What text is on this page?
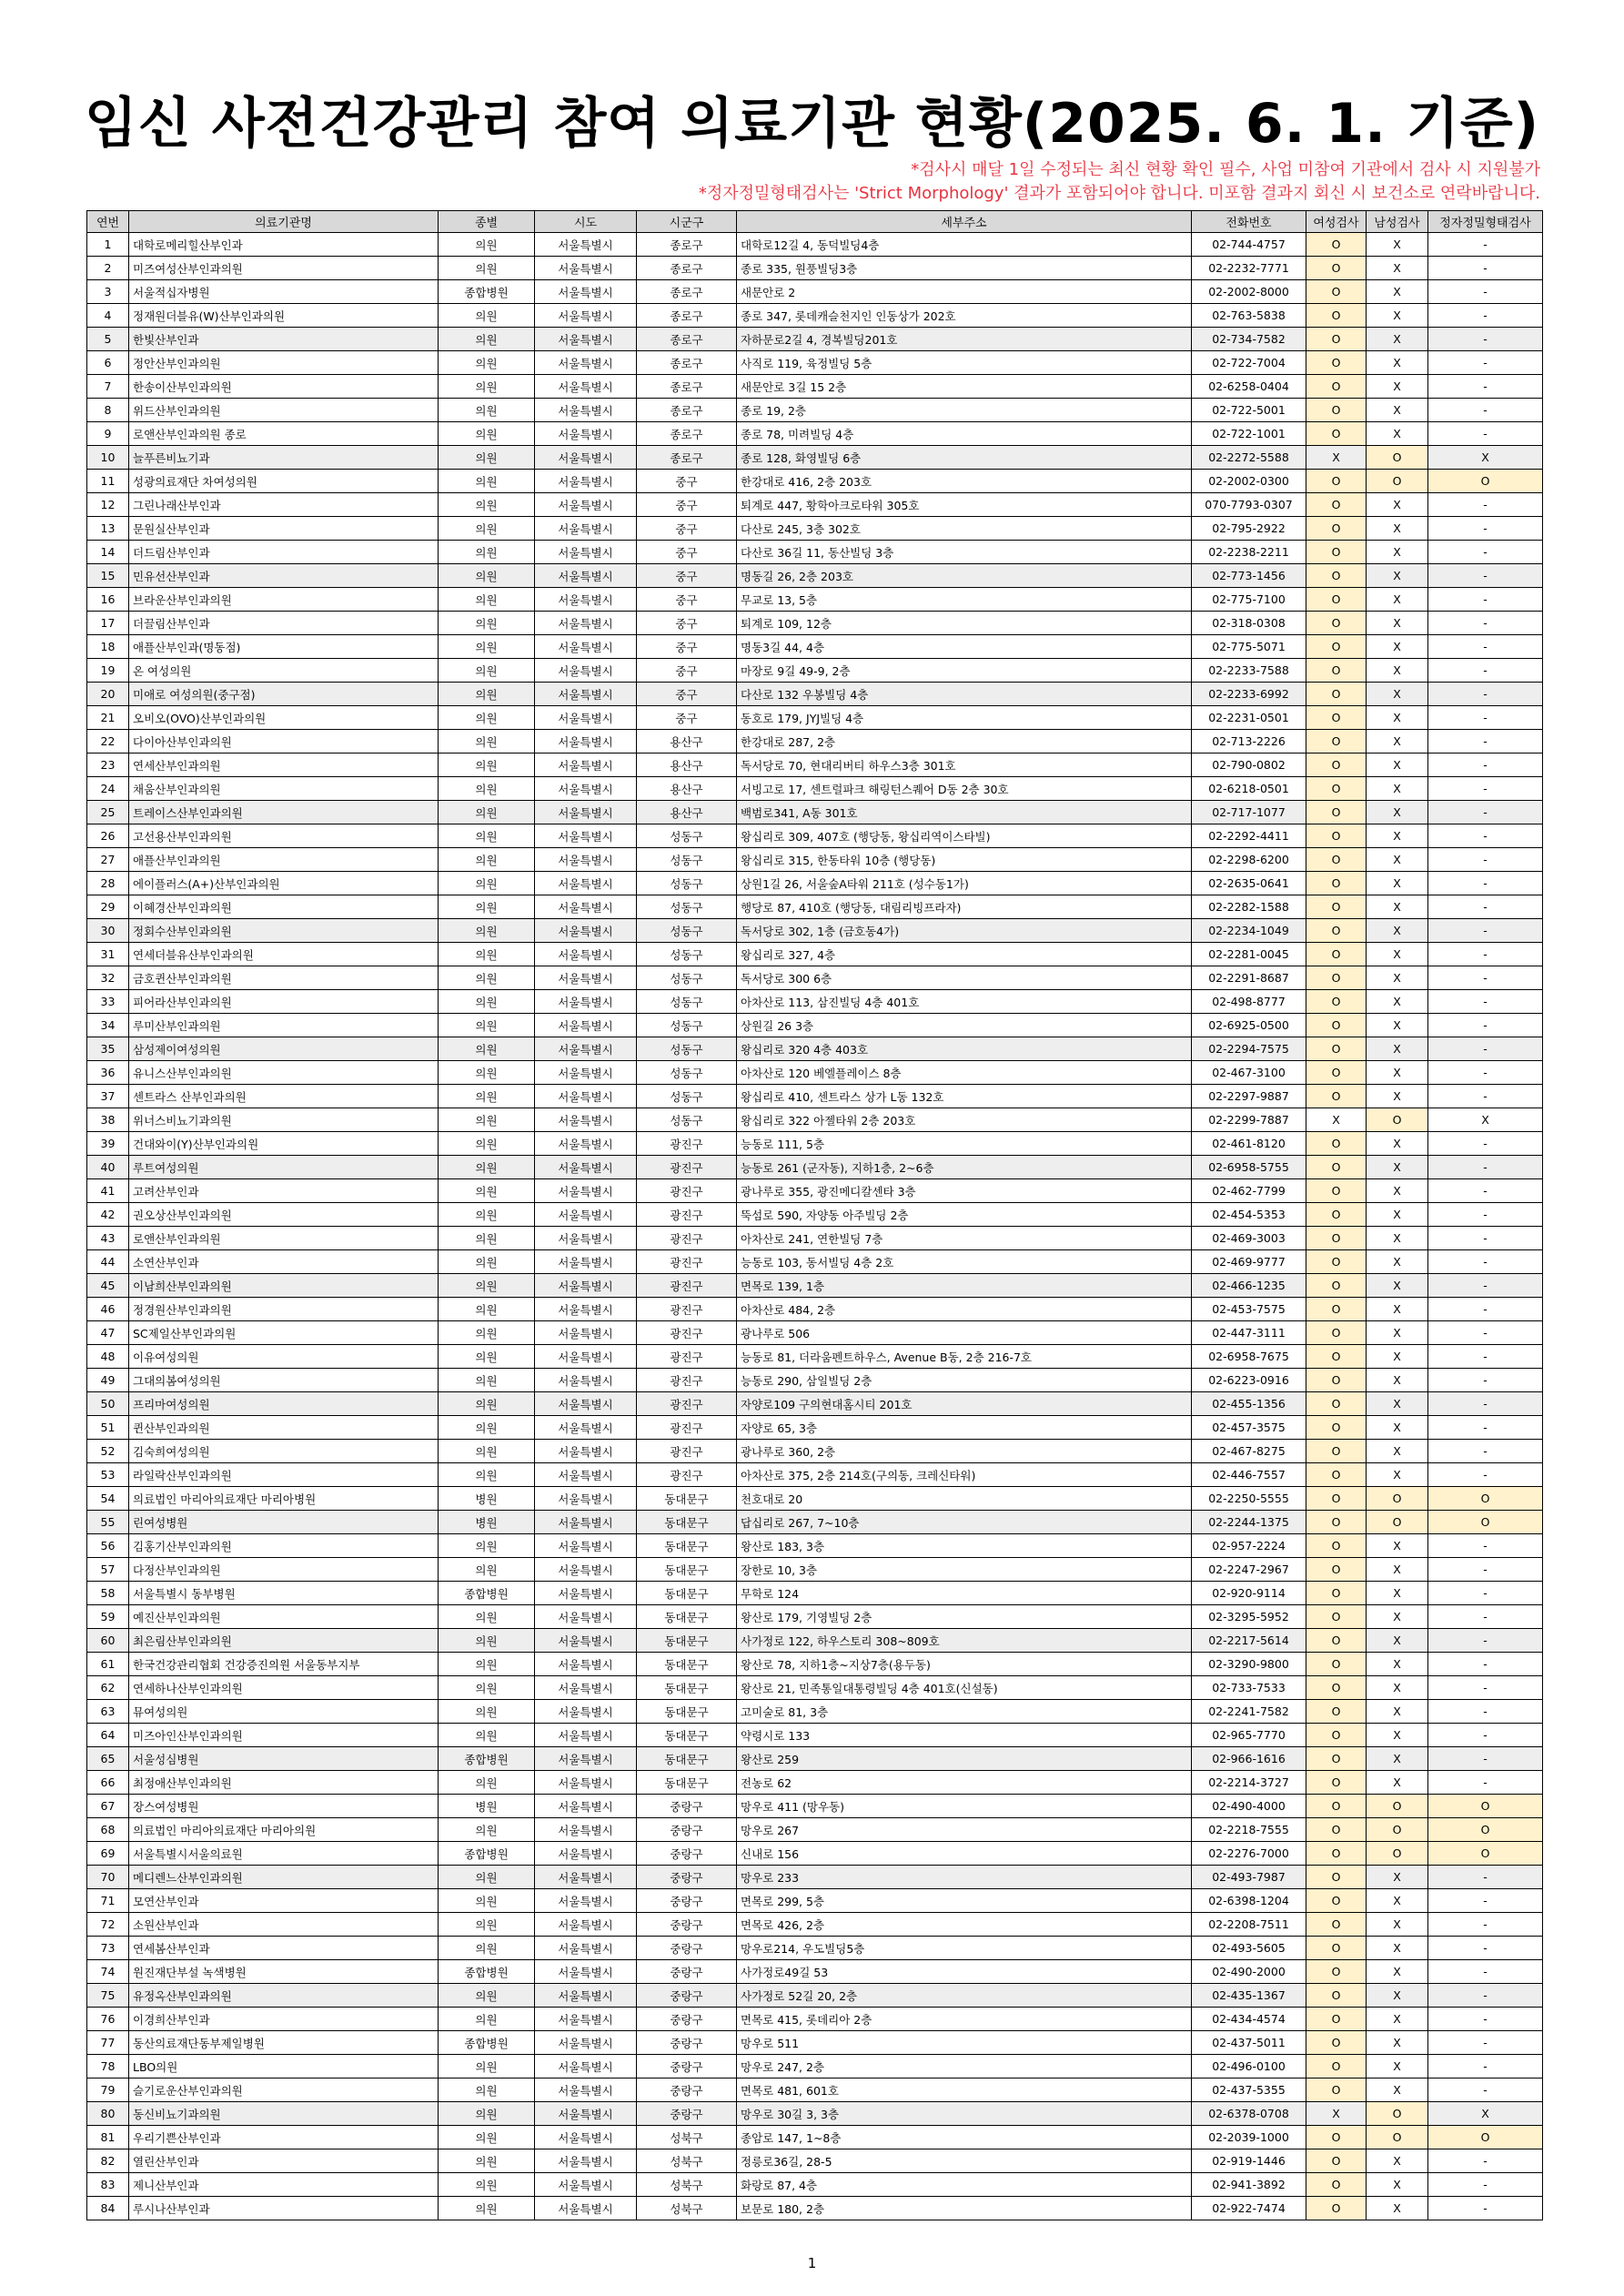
임신 사전건강관리 참여 의료기관 현황(2025. 6. 1. 기준)
*검사시 매달 1일 수정되는 최신 현황 확인 필수, 사업 미참여 기관에서 검사 시 지원불가
*정자정밀형태검사는 'Strict Morphology' 결과가 포함되어야 합니다. 미포함 결과지 회신 시 보건소로 연락바랍니다.
연번	의료기관명	종별	시도	시군구	세부주소	전화번호	여성검사	남성검사	정자정밀형태검사
1	대학로메리힐산부인과	의원	서울특별시	종로구	대학로12길 4, 동덕빌딩4층	02-744-4757	O	X	-
2	미즈여성산부인과의원	의원	서울특별시	종로구	종로 335, 원풍빌딩3층	02-2232-7771	O	X	-
3	서울적십자병원	종합병원	서울특별시	종로구	새문안로 2	02-2002-8000	O	X	-
4	정재원더블유(W)산부인과의원	의원	서울특별시	종로구	종로 347, 롯데캐슬천지인 인동상가 202호	02-763-5838	O	X	-
5	한빛산부인과	의원	서울특별시	종로구	자하문로2길 4, 경복빌딩201호	02-734-7582	O	X	-
6	정안산부인과의원	의원	서울특별시	종로구	사직로 119, 육정빌딩 5층	02-722-7004	O	X	-
7	한송이산부인과의원	의원	서울특별시	종로구	새문안로 3길 15 2층	02-6258-0404	O	X	-
8	위드산부인과의원	의원	서울특별시	종로구	종로 19, 2층	02-722-5001	O	X	-
9	로앤산부인과의원 종로	의원	서울특별시	종로구	종로 78, 미려빌딩 4층	02-722-1001	O	X	-
10	늘푸른비뇨기과	의원	서울특별시	종로구	종로 128, 화영빌딩 6층	02-2272-5588	X	O	X
11	성광의료재단 차여성의원	의원	서울특별시	중구	한강대로 416, 2층 203호	02-2002-0300	O	O	O
12	그린나래산부인과	의원	서울특별시	중구	퇴계로 447, 황학아크로타워 305호	070-7793-0307	O	X	-
13	문원실산부인과	의원	서울특별시	중구	다산로 245, 3층 302호	02-795-2922	O	X	-
14	더드림산부인과	의원	서울특별시	중구	다산로 36길 11, 동산빌딩 3층	02-2238-2211	O	X	-
15	민유선산부인과	의원	서울특별시	중구	명동길 26, 2층 203호	02-773-1456	O	X	-
16	브라운산부인과의원	의원	서울특별시	중구	무교로 13, 5층	02-775-7100	O	X	-
17	더끌림산부인과	의원	서울특별시	중구	퇴계로 109, 12층	02-318-0308	O	X	-
18	애플산부인과(명동점)	의원	서울특별시	중구	명동3길 44, 4층	02-775-5071	O	X	-
19	온 여성의원	의원	서울특별시	중구	마장로 9길 49-9, 2층	02-2233-7588	O	X	-
20	미애로 여성의원(중구점)	의원	서울특별시	중구	다산로 132 우봉빌딩 4층	02-2233-6992	O	X	-
21	오비오(OVO)산부인과의원	의원	서울특별시	중구	동호로 179, JYJ빌딩 4층	02-2231-0501	O	X	-
22	다이아산부인과의원	의원	서울특별시	용산구	한강대로 287, 2층	02-713-2226	O	X	-
23	연세산부인과의원	의원	서울특별시	용산구	독서당로 70, 현대리버티 하우스3층 301호	02-790-0802	O	X	-
24	채움산부인과의원	의원	서울특별시	용산구	서빙고로 17, 센트럴파크 해링턴스퀘어 D동 2층 30호	02-6218-0501	O	X	-
25	트레이스산부인과의원	의원	서울특별시	용산구	백범로341, A동 301호	02-717-1077	O	X	-
26	고선용산부인과의원	의원	서울특별시	성동구	왕십리로 309, 407호 (행당동, 왕십리역이스타빌)	02-2292-4411	O	X	-
27	애플산부인과의원	의원	서울특별시	성동구	왕십리로 315, 한동타워 10층 (행당동)	02-2298-6200	O	X	-
28	에이플러스(A+)산부인과의원	의원	서울특별시	성동구	상원1길 26, 서울숲A타워 211호 (성수동1가)	02-2635-0641	O	X	-
29	이혜경산부인과의원	의원	서울특별시	성동구	행당로 87, 410호 (행당동, 대림리빙프라자)	02-2282-1588	O	X	-
30	정회수산부인과의원	의원	서울특별시	성동구	독서당로 302, 1층 (금호동4가)	02-2234-1049	O	X	-
31	연세더블유산부인과의원	의원	서울특별시	성동구	왕십리로 327, 4층	02-2281-0045	O	X	-
32	금호퀸산부인과의원	의원	서울특별시	성동구	독서당로 300 6층	02-2291-8687	O	X	-
33	피어라산부인과의원	의원	서울특별시	성동구	아차산로 113, 삼진빌딩 4층 401호	02-498-8777	O	X	-
34	루미산부인과의원	의원	서울특별시	성동구	상원길 26 3층	02-6925-0500	O	X	-
35	삼성제이여성의원	의원	서울특별시	성동구	왕십리로 320 4층 403호	02-2294-7575	O	X	-
36	유니스산부인과의원	의원	서울특별시	성동구	아차산로 120 베엘플레이스 8층	02-467-3100	O	X	-
37	센트라스 산부인과의원	의원	서울특별시	성동구	왕십리로 410, 센트라스 상가 L동 132호	02-2297-9887	O	X	-
38	위너스비뇨기과의원	의원	서울특별시	성동구	왕십리로 322 아젤타워 2층 203호	02-2299-7887	X	O	X
39	건대와이(Y)산부인과의원	의원	서울특별시	광진구	능동로 111, 5층	02-461-8120	O	X	-
40	루트여성의원	의원	서울특별시	광진구	능동로 261 (군자동), 지하1층, 2~6층	02-6958-5755	O	X	-
41	고려산부인과	의원	서울특별시	광진구	광나루로 355, 광진메디칼센타 3층	02-462-7799	O	X	-
42	권오상산부인과의원	의원	서울특별시	광진구	뚝섬로 590, 자양동 아주빌딩 2층	02-454-5353	O	X	-
43	로앤산부인과의원	의원	서울특별시	광진구	아차산로 241, 연한빌딩 7층	02-469-3003	O	X	-
44	소연산부인과	의원	서울특별시	광진구	능동로 103, 동서빌딩 4층 2호	02-469-9777	O	X	-
45	이남희산부인과의원	의원	서울특별시	광진구	면목로 139, 1층	02-466-1235	O	X	-
46	정경원산부인과의원	의원	서울특별시	광진구	아차산로 484, 2층	02-453-7575	O	X	-
47	SC제일산부인과의원	의원	서울특별시	광진구	광나루로 506	02-447-3111	O	X	-
48	이유여성의원	의원	서울특별시	광진구	능동로 81, 더라움펜트하우스, Avenue B동, 2층 216-7호	02-6958-7675	O	X	-
49	그대의봄여성의원	의원	서울특별시	광진구	능동로 290, 삼일빌딩 2층	02-6223-0916	O	X	-
50	프리마여성의원	의원	서울특별시	광진구	자양로109 구의현대홈시티 201호	02-455-1356	O	X	-
51	퀸산부인과의원	의원	서울특별시	광진구	자양로 65, 3층	02-457-3575	O	X	-
52	김숙희여성의원	의원	서울특별시	광진구	광나루로 360, 2층	02-467-8275	O	X	-
53	라일락산부인과의원	의원	서울특별시	광진구	아차산로 375, 2층 214호(구의동, 크레신타워)	02-446-7557	O	X	-
54	의료법인 마리아의료재단 마리아병원	병원	서울특별시	동대문구	천호대로 20	02-2250-5555	O	O	O
55	린여성병원	병원	서울특별시	동대문구	답십리로 267, 7~10층	02-2244-1375	O	O	O
56	김홍기산부인과의원	의원	서울특별시	동대문구	왕산로 183, 3층	02-957-2224	O	X	-
57	다정산부인과의원	의원	서울특별시	동대문구	장한로 10, 3층	02-2247-2967	O	X	-
58	서울특별시 동부병원	종합병원	서울특별시	동대문구	무학로 124	02-920-9114	O	X	-
59	예진산부인과의원	의원	서울특별시	동대문구	왕산로 179, 기영빌딩 2층	02-3295-5952	O	X	-
60	최은림산부인과의원	의원	서울특별시	동대문구	사가정로 122, 하우스토리 308~809호	02-2217-5614	O	X	-
61	한국건강관리협회 건강증진의원 서울동부지부	의원	서울특별시	동대문구	왕산로 78, 지하1층~지상7층(용두동)	02-3290-9800	O	X	-
62	연세하나산부인과의원	의원	서울특별시	동대문구	왕산로 21, 민족통일대통령빌딩 4층 401호(신설동)	02-733-7533	O	X	-
63	뮤여성의원	의원	서울특별시	동대문구	고미술로 81, 3층	02-2241-7582	O	X	-
64	미즈아인산부인과의원	의원	서울특별시	동대문구	약령시로 133	02-965-7770	O	X	-
65	서울성심병원	종합병원	서울특별시	동대문구	왕산로 259	02-966-1616	O	X	-
66	최정애산부인과의원	의원	서울특별시	동대문구	전농로 62	02-2214-3727	O	X	-
67	장스여성병원	병원	서울특별시	중랑구	망우로 411 (망우동)	02-490-4000	O	O	O
68	의료법인 마리아의료재단 마리아의원	의원	서울특별시	중랑구	망우로 267	02-2218-7555	O	O	O
69	서울특별시서울의료원	종합병원	서울특별시	중랑구	신내로 156	02-2276-7000	O	O	O
70	메디렌느산부인과의원	의원	서울특별시	중랑구	망우로 233	02-493-7987	O	X	-
71	모연산부인과	의원	서울특별시	중랑구	면목로 299, 5층	02-6398-1204	O	X	-
72	소원산부인과	의원	서울특별시	중랑구	면목로 426, 2층	02-2208-7511	O	X	-
73	연세봄산부인과	의원	서울특별시	중랑구	망우로214, 우도빌딩5층	02-493-5605	O	X	-
74	원진재단부설 녹색병원	종합병원	서울특별시	중랑구	사가정로49길 53	02-490-2000	O	X	-
75	유정옥산부인과의원	의원	서울특별시	중랑구	사가정로 52길 20, 2층	02-435-1367	O	X	-
76	이경희산부인과	의원	서울특별시	중랑구	면목로 415, 롯데리아 2층	02-434-4574	O	X	-
77	동산의료재단동부제일병원	종합병원	서울특별시	중랑구	망우로 511	02-437-5011	O	X	-
78	LBO의원	의원	서울특별시	중랑구	망우로 247, 2층	02-496-0100	O	X	-
79	슬기로운산부인과의원	의원	서울특별시	중랑구	면목로 481, 601호	02-437-5355	O	X	-
80	동신비뇨기과의원	의원	서울특별시	중랑구	망우로 30길 3, 3층	02-6378-0708	X	O	X
81	우리기쁜산부인과	의원	서울특별시	성북구	종암로 147, 1~8층	02-2039-1000	O	O	O
82	열린산부인과	의원	서울특별시	성북구	정릉로36길, 28-5	02-919-1446	O	X	-
83	제니산부인과	의원	서울특별시	성북구	화랑로 87, 4층	02-941-3892	O	X	-
84	루시나산부인과	의원	서울특별시	성북구	보문로 180, 2층	02-922-7474	O	X	-
1
